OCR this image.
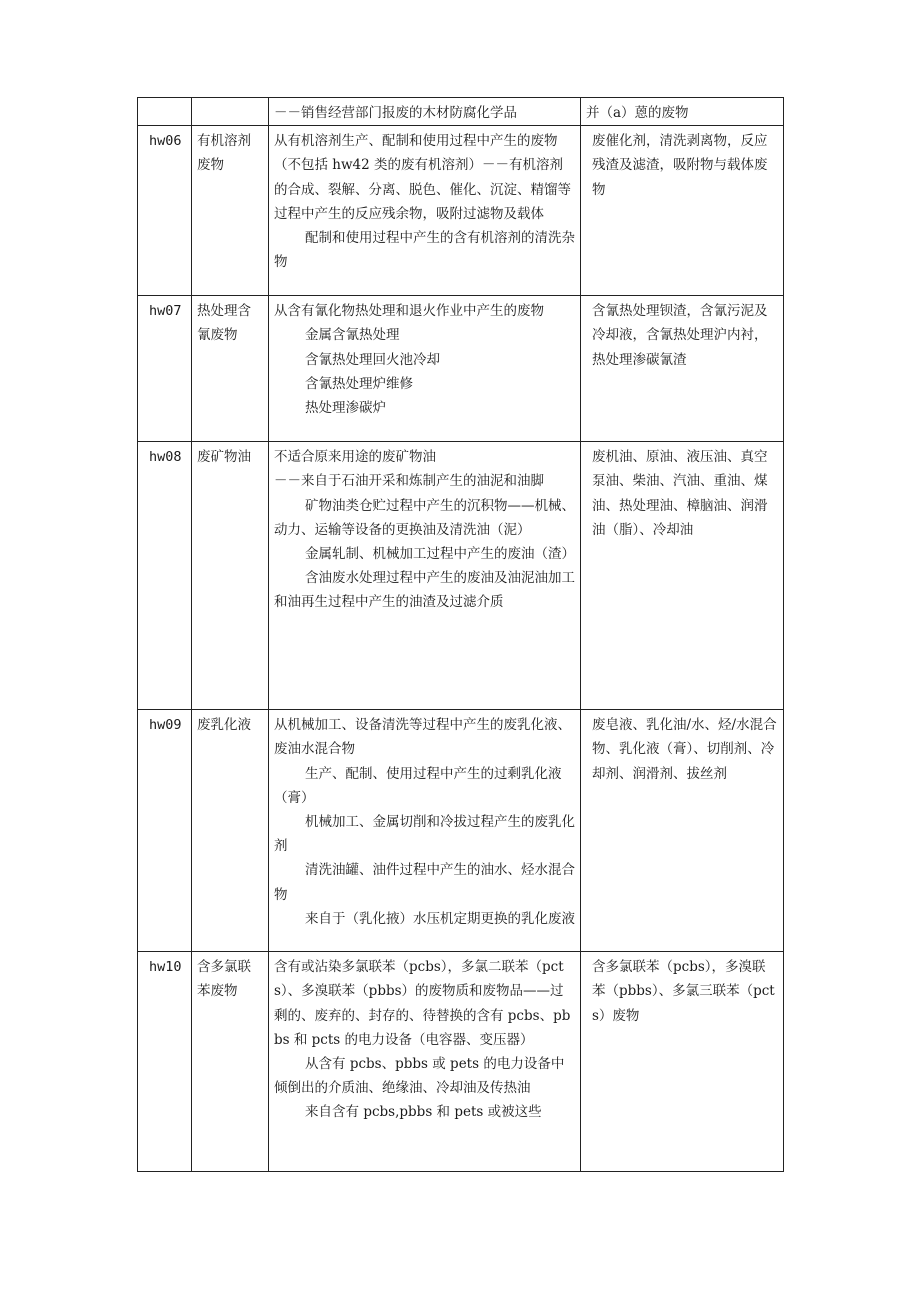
		－－销售经营部门报废的木材防腐化学品	并（a）蒽的废物
hw06	有机溶剂废物	从有机溶剂生产、配制和使用过程中产生的废物（不包括 hw42 类的废有机溶剂）－－有机溶剂的合成、裂解、分离、脱色、催化、沉淀、精馏等过程中产生的反应残余物，吸附过滤物及载体
配制和使用过程中产生的含有机溶剂的清洗杂物	废催化剂，清洗剥离物，反应残渣及滤渣，吸附物与载体废物
hw07	热处理含氰废物	从含有氰化物热处理和退火作业中产生的废物
金属含氰热处理
含氰热处理回火池冷却
含氰热处理炉维修
热处理渗碳炉	含氰热处理钡渣，含氰污泥及冷却液，含氰热处理沪内衬，热处理渗碳氰渣
hw08	废矿物油	不适合原来用途的废矿物油
－－来自于石油开采和炼制产生的油泥和油脚
矿物油类仓贮过程中产生的沉积物——机械、动力、运输等设备的更换油及清洗油（泥）
金属轧制、机械加工过程中产生的废油（渣）
含油废水处理过程中产生的废油及油泥油加工和油再生过程中产生的油渣及过滤介质	废机油、原油、液压油、真空泵油、柴油、汽油、重油、煤油、热处理油、樟脑油、润滑油（脂）、冷却油
hw09	废乳化液	从机械加工、设备清洗等过程中产生的废乳化液、废油水混合物
生产、配制、使用过程中产生的过剩乳化液（膏）
机械加工、金属切削和冷拔过程产生的废乳化剂
清洗油罐、油件过程中产生的油水、烃水混合物
来自于（乳化掖）水压机定期更换的乳化废液	废皂液、乳化油/水、烃/水混合物、乳化液（膏）、切削剂、冷却剂、润滑剂、拔丝剂
hw10	含多氯联苯废物	含有或沾染多氯联苯（pcbs），多氯二联苯（pcts）、多溴联苯（pbbs）的废物质和废物品——过剩的、废弃的、封存的、待替换的含有 pcbs、pbbs 和 pcts 的电力设备（电容器、变压器）
从含有 pcbs、pbbs 或 pets 的电力设备中倾倒出的介质油、绝缘油、冷却油及传热油
来自含有 pcbs,pbbs 和 pets 或被这些	含多氯联苯（pcbs），多溴联苯（pbbs）、多氯三联苯（pcts）废物
